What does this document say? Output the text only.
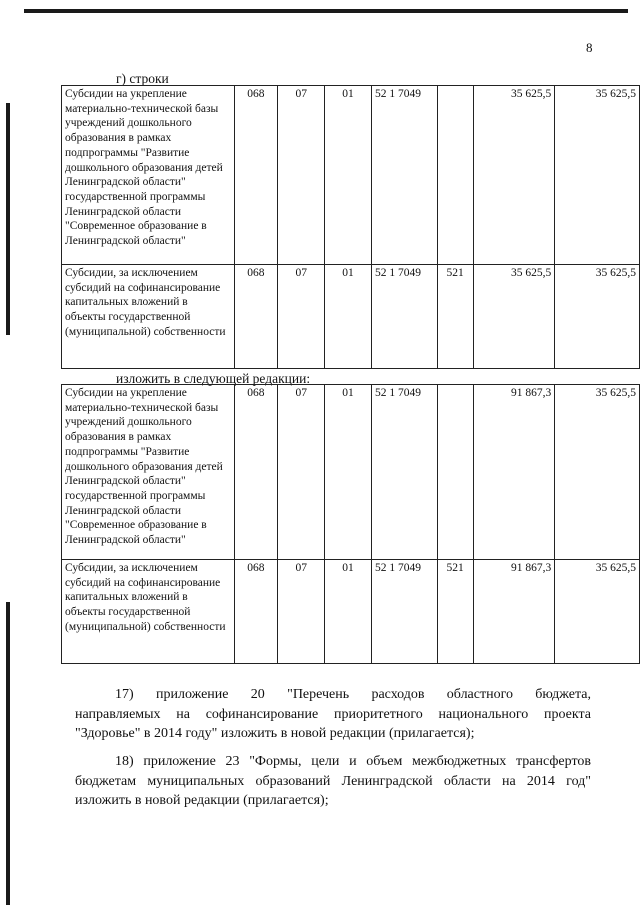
8
г) строки
Субсидии на укрепление материально-технической базы учреждений дошкольного образования в рамках подпрограммы "Развитие дошкольного образования детей Ленинградской области" государственной программы Ленинградской области "Современное образование в Ленинградской области"	068	07	01	52 1 7049		35 625,5	35 625,5
Субсидии, за исключением субсидий на софинансирование капитальных вложений в объекты государственной (муниципальной) собственности	068	07	01	52 1 7049	521	35 625,5	35 625,5
изложить в следующей редакции:
Субсидии на укрепление материально-технической базы учреждений дошкольного образования в рамках подпрограммы "Развитие дошкольного образования детей Ленинградской области" государственной программы Ленинградской области "Современное образование в Ленинградской области"	068	07	01	52 1 7049		91 867,3	35 625,5
Субсидии, за исключением субсидий на софинансирование капитальных вложений в объекты государственной (муниципальной) собственности	068	07	01	52 1 7049	521	91 867,3	35 625,5
17) приложение 20 "Перечень расходов областного бюджета,
направляемых на софинансирование приоритетного национального проекта "Здоровье" в 2014 году" изложить в новой редакции (прилагается);
18) приложение 23 "Формы, цели и объем межбюджетных трансфертов
бюджетам муниципальных образований Ленинградской области на 2014 год" изложить в новой редакции (прилагается);
